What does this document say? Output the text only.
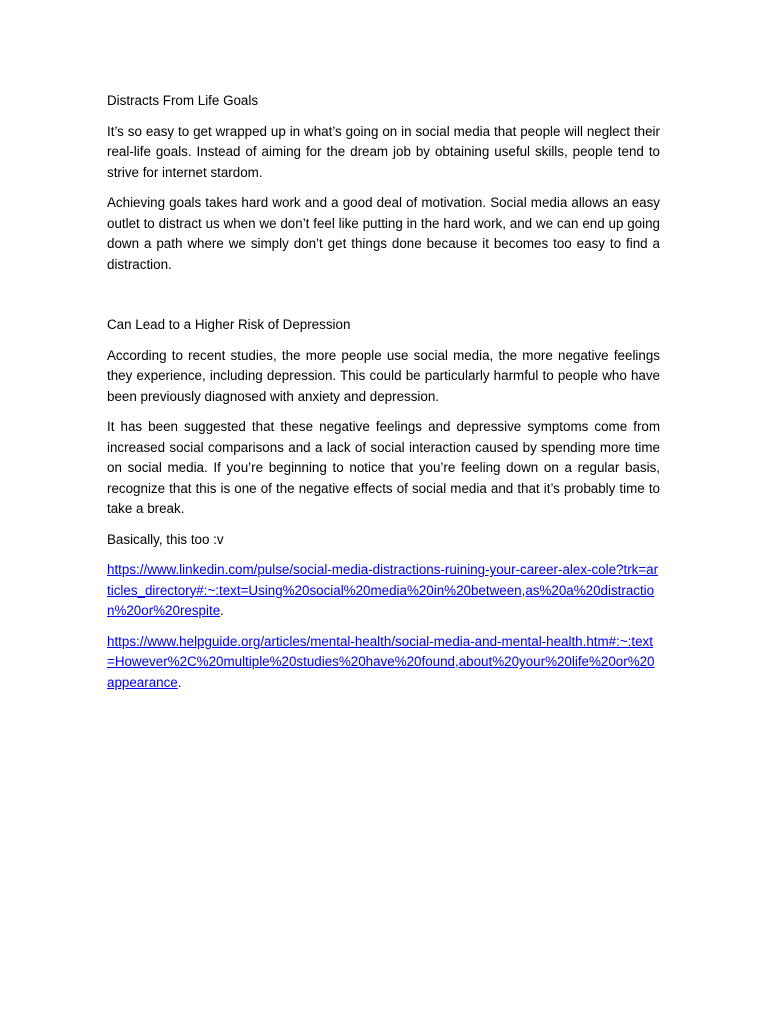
Distracts From Life Goals

It’s so easy to get wrapped up in what’s going on in social media that people will neglect their real-life goals. Instead of aiming for the dream job by obtaining useful skills, people tend to strive for internet stardom.

Achieving goals takes hard work and a good deal of motivation. Social media allows an easy outlet to distract us when we don’t feel like putting in the hard work, and we can end up going down a path where we simply don’t get things done because it becomes too easy to find a distraction.

Can Lead to a Higher Risk of Depression

According to recent studies, the more people use social media, the more negative feelings they experience, including depression. This could be particularly harmful to people who have been previously diagnosed with anxiety and depression.

It has been suggested that these negative feelings and depressive symptoms come from increased social comparisons and a lack of social interaction caused by spending more time on social media. If you’re beginning to notice that you’re feeling down on a regular basis, recognize that this is one of the negative effects of social media and that it’s probably time to take a break.

Basically, this too :v

https://www.linkedin.com/pulse/social-media-distractions-ruining-your-career-alex-cole?trk=articles_directory#:~:text=Using%20social%20media%20in%20between,as%20a%20distraction%20or%20respite.

https://www.helpguide.org/articles/mental-health/social-media-and-mental-health.htm#:~:text=However%2C%20multiple%20studies%20have%20found,about%20your%20life%20or%20appearance.
